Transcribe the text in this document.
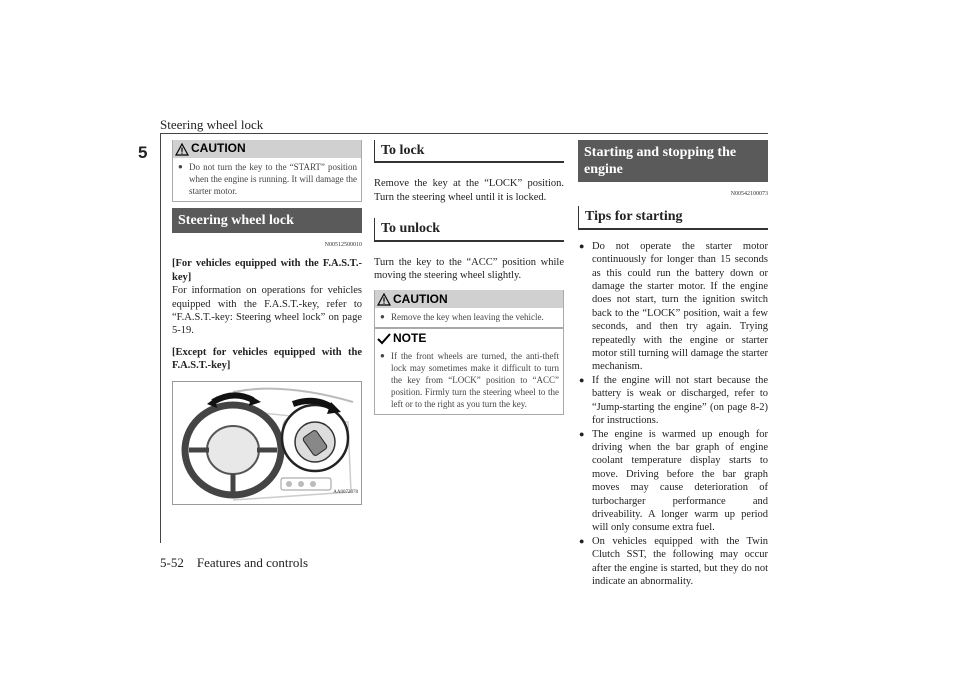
Steering wheel lock
5
5-52 Features and controls
CAUTION
● Do not turn the key to the “START” position when the engine is running. It will damage the starter motor.
Steering wheel lock
N00512500010

[For vehicles equipped with the F.A.S.T.-key]

For information on operations for vehicles equipped with the F.A.S.T.-key, refer to “F.A.S.T.-key: Steering wheel lock” on page 5-19.

[Except for vehicles equipped with the F.A.S.T.-key]

AA0072078
To lock

Remove the key at the “LOCK” position. Turn the steering wheel until it is locked.

To unlock

Turn the key to the “ACC” position while moving the steering wheel slightly.

CAUTION
● Remove the key when leaving the vehicle.
NOTE
● If the front wheels are turned, the anti-theft lock may sometimes make it difficult to turn the key from “LOCK” position to “ACC” position. Firmly turn the steering wheel to the left or to the right as you turn the key.
Starting and stopping the engine
N00542100073
Tips for starting
● Do not operate the starter motor continuously for longer than 15 seconds as this could run the battery down or damage the starter motor. If the engine does not start, turn the ignition switch back to the “LOCK” position, wait a few seconds, and then try again. Trying repeatedly with the engine or starter motor still turning will damage the starter mechanism.
● If the engine will not start because the battery is weak or discharged, refer to “Jump-starting the engine” (on page 8-2) for instructions.
● The engine is warmed up enough for driving when the bar graph of engine coolant temperature display starts to move. Driving before the bar graph moves may cause deterioration of turbocharger performance and driveability. A longer warm up period will only consume extra fuel.
● On vehicles equipped with the Twin Clutch SST, the following may occur after the engine is started, but they do not indicate an abnormality.
